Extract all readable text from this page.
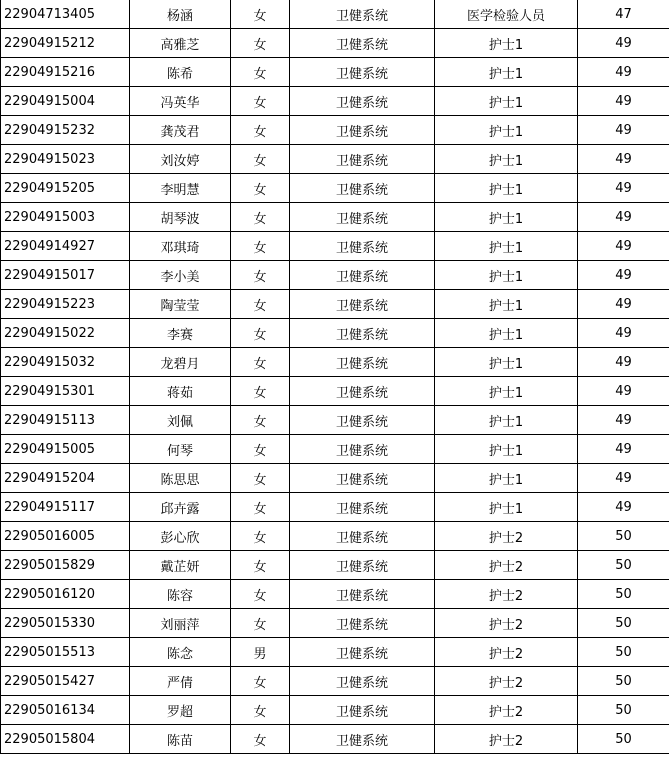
22904713405	杨涵	女	卫健系统	医学检验人员	47
22904915212	高雅芝	女	卫健系统	护士1	49
22904915216	陈希	女	卫健系统	护士1	49
22904915004	冯英华	女	卫健系统	护士1	49
22904915232	龚茂君	女	卫健系统	护士1	49
22904915023	刘汝婷	女	卫健系统	护士1	49
22904915205	李明慧	女	卫健系统	护士1	49
22904915003	胡琴波	女	卫健系统	护士1	49
22904914927	邓琪琦	女	卫健系统	护士1	49
22904915017	李小美	女	卫健系统	护士1	49
22904915223	陶莹莹	女	卫健系统	护士1	49
22904915022	李赛	女	卫健系统	护士1	49
22904915032	龙碧月	女	卫健系统	护士1	49
22904915301	蒋茹	女	卫健系统	护士1	49
22904915113	刘佩	女	卫健系统	护士1	49
22904915005	何琴	女	卫健系统	护士1	49
22904915204	陈思思	女	卫健系统	护士1	49
22904915117	邱卉露	女	卫健系统	护士1	49
22905016005	彭心欣	女	卫健系统	护士2	50
22905015829	戴芷妍	女	卫健系统	护士2	50
22905016120	陈容	女	卫健系统	护士2	50
22905015330	刘丽萍	女	卫健系统	护士2	50
22905015513	陈念	男	卫健系统	护士2	50
22905015427	严倩	女	卫健系统	护士2	50
22905016134	罗超	女	卫健系统	护士2	50
22905015804	陈苗	女	卫健系统	护士2	50
